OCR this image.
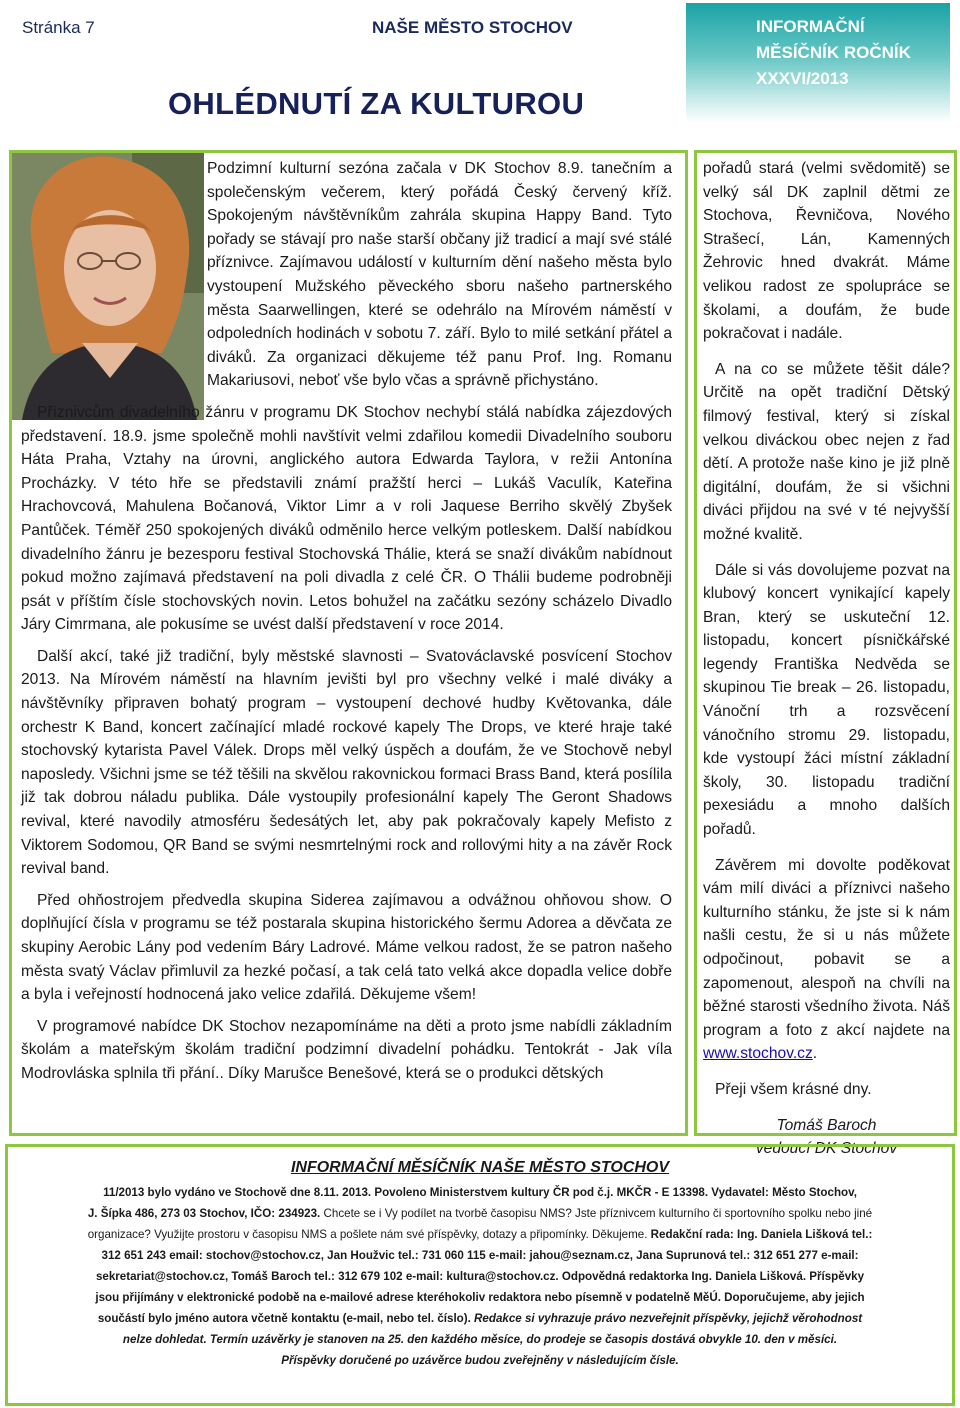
Stránka 7	NAŠE MĚSTO STOCHOV	INFORMAČNÍ
MĚSÍČNÍK ROČNÍK
XXXVI/2013
OHLÉDNUTÍ ZA KULTUROU

Podzimní kulturní sezóna začala v DK Stochov 8.9. tanečním a společenským večerem, který pořádá Český červený kříž. Spokojeným návštěvníkům zahrála skupina Happy Band. Tyto pořady se stávají pro naše starší občany již tradicí a mají své stálé příznivce. Zajímavou událostí v kulturním dění našeho města bylo vystoupení Mužského pěveckého sboru našeho partnerského města Saarwellingen, které se odehrálo na Mírovém náměstí v odpoledních hodinách v sobotu 7. září. Bylo to milé setkání přátel a diváků. Za organizaci děkujeme též panu Prof. Ing. Romanu Makariusovi, neboť vše bylo včas a správně přichystáno.

Příznivcům divadelního žánru v programu DK Stochov nechybí stálá nabídka zájezdových představení. 18.9. jsme společně mohli navštívit velmi zdařilou komedii Divadelního souboru Háta Praha, Vztahy na úrovni, anglického autora Edwarda Taylora, v režii Antonína Procházky. V této hře se představili známí pražští herci – Lukáš Vaculík, Kateřina Hrachovcová, Mahulena Bočanová, Viktor Limr a v roli Jaquese Berriho skvělý Zbyšek Pantůček. Téměř 250 spokojených diváků odměnilo herce velkým potleskem. Další nabídkou divadelního žánru je bezesporu festival Stochovská Thálie, která se snaží divákům nabídnout pokud možno zajímavá představení na poli divadla z celé ČR. O Thálii budeme podrobněji psát v příštím čísle stochovských novin. Letos bohužel na začátku sezóny scházelo Divadlo Járy Cimrmana, ale pokusíme se uvést další představení v roce 2014.

Další akcí, také již tradiční, byly městské slavnosti – Svatováclavské posvícení Stochov 2013. Na Mírovém náměstí na hlavním jevišti byl pro všechny velké i malé diváky a návštěvníky připraven bohatý program – vystoupení dechové hudby Květovanka, dále orchestr K Band, koncert začínající mladé rockové kapely The Drops, ve které hraje také stochovský kytarista Pavel Válek. Drops měl velký úspěch a doufám, že ve Stochově nebyl naposledy. Všichni jsme se též těšili na skvělou rakovnickou formaci Brass Band, která posílila již tak dobrou náladu publika. Dále vystoupily profesionální kapely The Geront Shadows revival, které navodily atmosféru šedesátých let, aby pak pokračovaly kapely Mefisto z Viktorem Sodomou, QR Band se svými nesmrtelnými rock and rollovými hity a na závěr Rock revival band.

Před ohňostrojem předvedla skupina Siderea zajímavou a odvážnou ohňovou show. O doplňující čísla v programu se též postarala skupina historického šermu Adorea a děvčata ze skupiny Aerobic Lány pod vedením Báry Ladrové. Máme velkou radost, že se patron našeho města svatý Václav přimluvil za hezké počasí, a tak celá tato velká akce dopadla velice dobře a byla i veřejností hodnocená jako velice zdařilá. Děkujeme všem!

V programové nabídce DK Stochov nezapomínáme na děti a proto jsme nabídli základním školám a mateřským školám tradiční podzimní divadelní pohádku. Tentokrát - Jak víla Modrovláska splnila tři přání.. Díky Marušce Benešové, která se o produkci dětských

pořadů stará (velmi svědomitě) se velký sál DK zaplnil dětmi ze Stochova, Řevničova, Nového Strašecí, Lán, Kamenných Žehrovic hned dvakrát. Máme velikou radost ze spolupráce se školami, a doufám, že bude pokračovat i nadále.

A na co se můžete těšit dále? Určitě na opět tradiční Dětský filmový festival, který si získal velkou diváckou obec nejen z řad dětí. A protože naše kino je již plně digitální, doufám, že si všichni diváci přijdou na své v té nejvyšší možné kvalitě.

Dále si vás dovolujeme pozvat na klubový koncert vynikající kapely Bran, který se uskuteční 12. listopadu, koncert písničkářské legendy Františka Nedvěda se skupinou Tie break – 26. listopadu, Vánoční trh a rozsvěcení vánočního stromu 29. listopadu, kde vystoupí žáci místní základní školy, 30. listopadu tradiční pexesiádu a mnoho dalších pořadů.

Závěrem mi dovolte poděkovat vám milí diváci a příznivci našeho kulturního stánku, že jste si k nám našli cestu, že si u nás můžete odpočinout, pobavit se a zapomenout, alespoň na chvíli na běžné starosti všedního života. Náš program a foto z akcí najdete na www.stochov.cz.

Přeji všem krásné dny.

Tomáš Baroch
vedoucí DK Stochov
INFORMAČNÍ MĚSÍČNÍK NAŠE MĚSTO STOCHOV
11/2013 bylo vydáno ve Stochově dne 8.11. 2013. Povoleno Ministerstvem kultury ČR pod č.j. MKČR - E 13398. Vydavatel: Město Stochov,
J. Šípka 486, 273 03 Stochov, IČO: 234923. Chcete se i Vy podílet na tvorbě časopisu NMS? Jste příznivcem kulturního či sportovního spolku nebo jiné
organizace? Využijte prostoru v časopisu NMS a pošlete nám své příspěvky, dotazy a připomínky. Děkujeme. Redakční rada: Ing. Daniela Lišková tel.:
312 651 243 email: stochov@stochov.cz, Jan Houžvic tel.: 731 060 115 e-mail: jahou@seznam.cz, Jana Suprunová tel.: 312 651 277 e-mail:
sekretariat@stochov.cz, Tomáš Baroch tel.: 312 679 102 e-mail: kultura@stochov.cz. Odpovědná redaktorka Ing. Daniela Lišková. Příspěvky
jsou přijímány v elektronické podobě na e-mailové adrese kteréhokoliv redaktora nebo písemně v podatelně MěÚ. Doporučujeme, aby jejich
součástí bylo jméno autora včetně kontaktu (e-mail, nebo tel. číslo). Redakce si vyhrazuje právo nezveřejnit příspěvky, jejichž věrohodnost
nelze dohledat. Termín uzávěrky je stanoven na 25. den každého měsíce, do prodeje se časopis dostává obvykle 10. den v měsíci.
Příspěvky doručené po uzávěrce budou zveřejněny v následujícím čísle.
